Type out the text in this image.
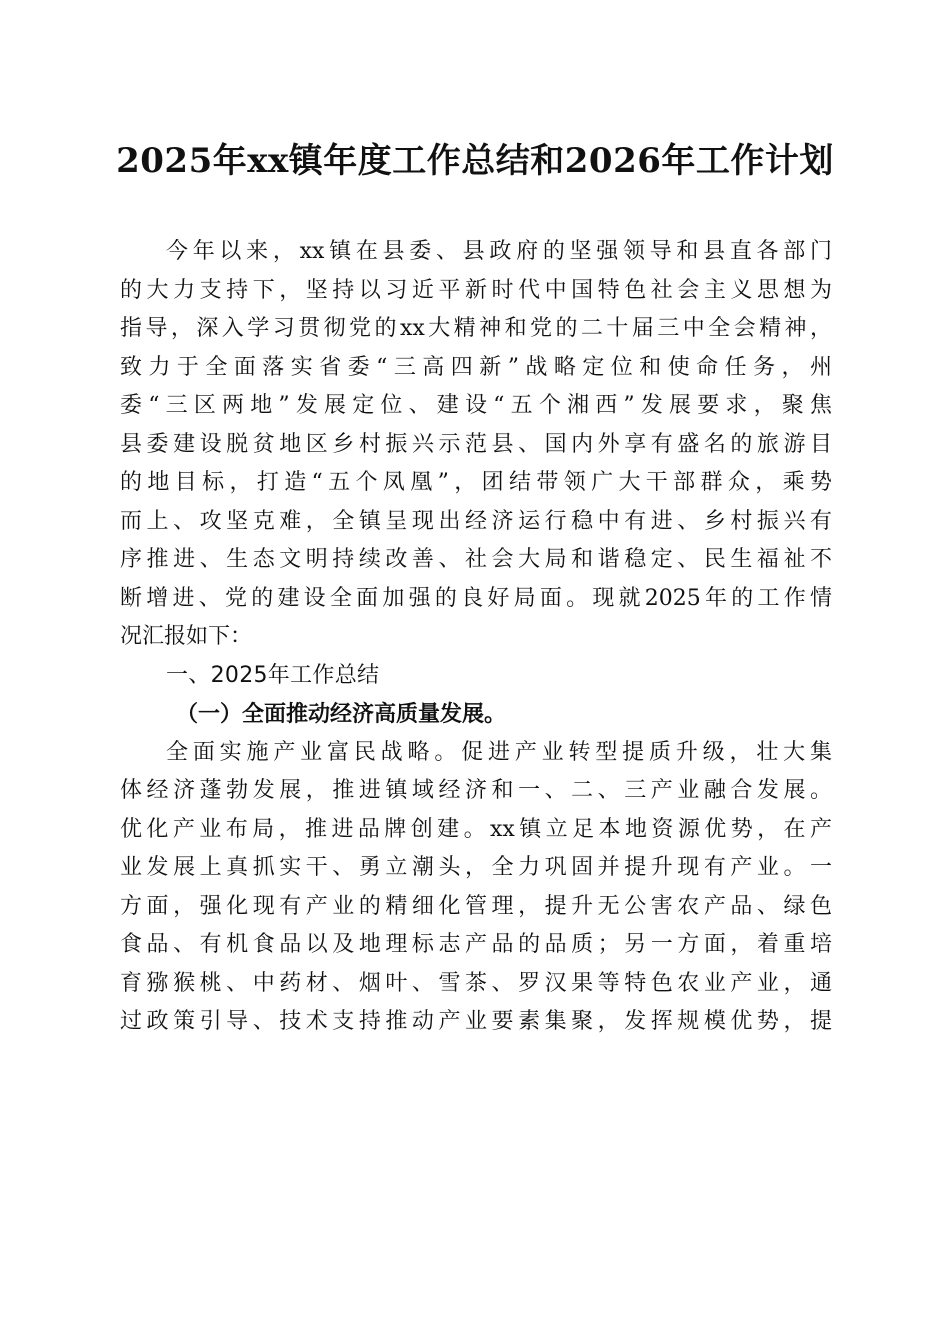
2025年xx镇年度工作总结和2026年工作计划
今年以来，xx镇在县委、县政府的坚强领导和县直各部门
的大力支持下，坚持以习近平新时代中国特色社会主义思想为
指导，深入学习贯彻党的xx大精神和党的二十届三中全会精神，
致力于全面落实省委“三高四新”战略定位和使命任务，州
委“三区两地”发展定位、建设“五个湘西”发展要求，聚焦
县委建设脱贫地区乡村振兴示范县、国内外享有盛名的旅游目
的地目标，打造“五个凤凰”，团结带领广大干部群众，乘势
而上、攻坚克难，全镇呈现出经济运行稳中有进、乡村振兴有
序推进、生态文明持续改善、社会大局和谐稳定、民生福祉不
断增进、党的建设全面加强的良好局面。现就2025年的工作情
况汇报如下：
一、2025年工作总结
（一）全面推动经济高质量发展。
全面实施产业富民战略。促进产业转型提质升级，壮大集
体经济蓬勃发展，推进镇域经济和一、二、三产业融合发展。
优化产业布局，推进品牌创建。xx镇立足本地资源优势，在产
业发展上真抓实干、勇立潮头，全力巩固并提升现有产业。一
方面，强化现有产业的精细化管理，提升无公害农产品、绿色
食品、有机食品以及地理标志产品的品质；另一方面，着重培
育猕猴桃、中药材、烟叶、雪茶、罗汉果等特色农业产业，通
过政策引导、技术支持推动产业要素集聚，发挥规模优势，提
